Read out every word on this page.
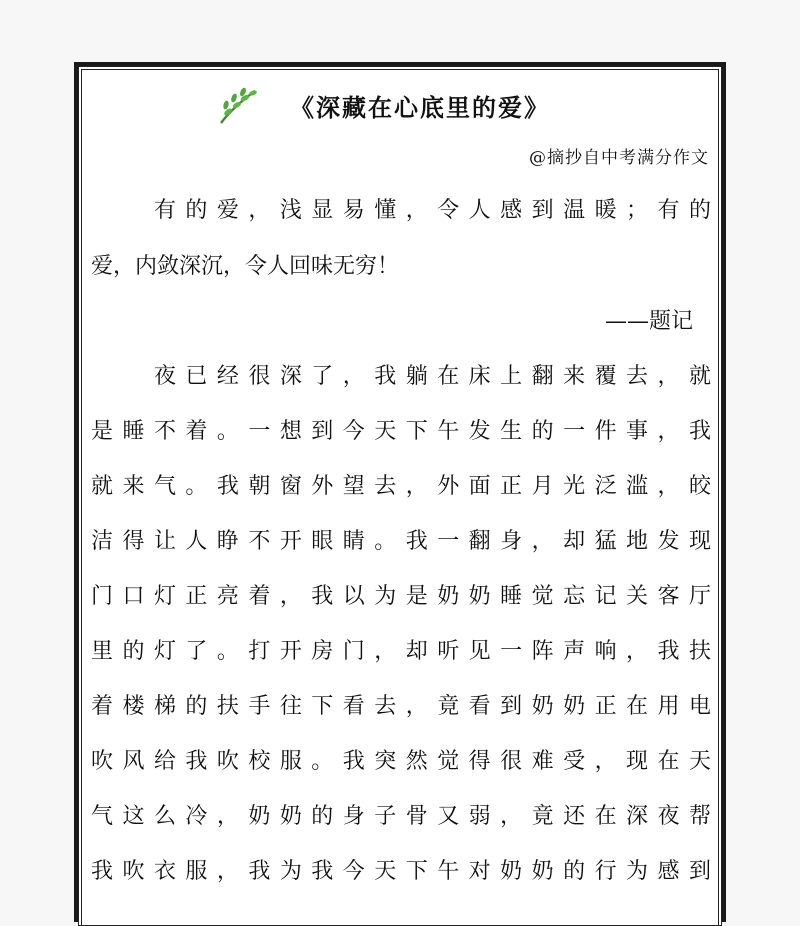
《深藏在心底里的爱》
@摘抄自中考满分作文
　　有的爱，浅显易懂，令人感到温暖；有的
爱，内敛深沉，令人回味无穷！
——题记
　　夜已经很深了，我躺在床上翻来覆去，就
是睡不着。一想到今天下午发生的一件事，我
就来气。我朝窗外望去，外面正月光泛滥，皎
洁得让人睁不开眼睛。我一翻身，却猛地发现
门口灯正亮着，我以为是奶奶睡觉忘记关客厅
里的灯了。打开房门，却听见一阵声响，我扶
着楼梯的扶手往下看去，竟看到奶奶正在用电
吹风给我吹校服。我突然觉得很难受，现在天
气这么冷，奶奶的身子骨又弱，竟还在深夜帮
我吹衣服，我为我今天下午对奶奶的行为感到
